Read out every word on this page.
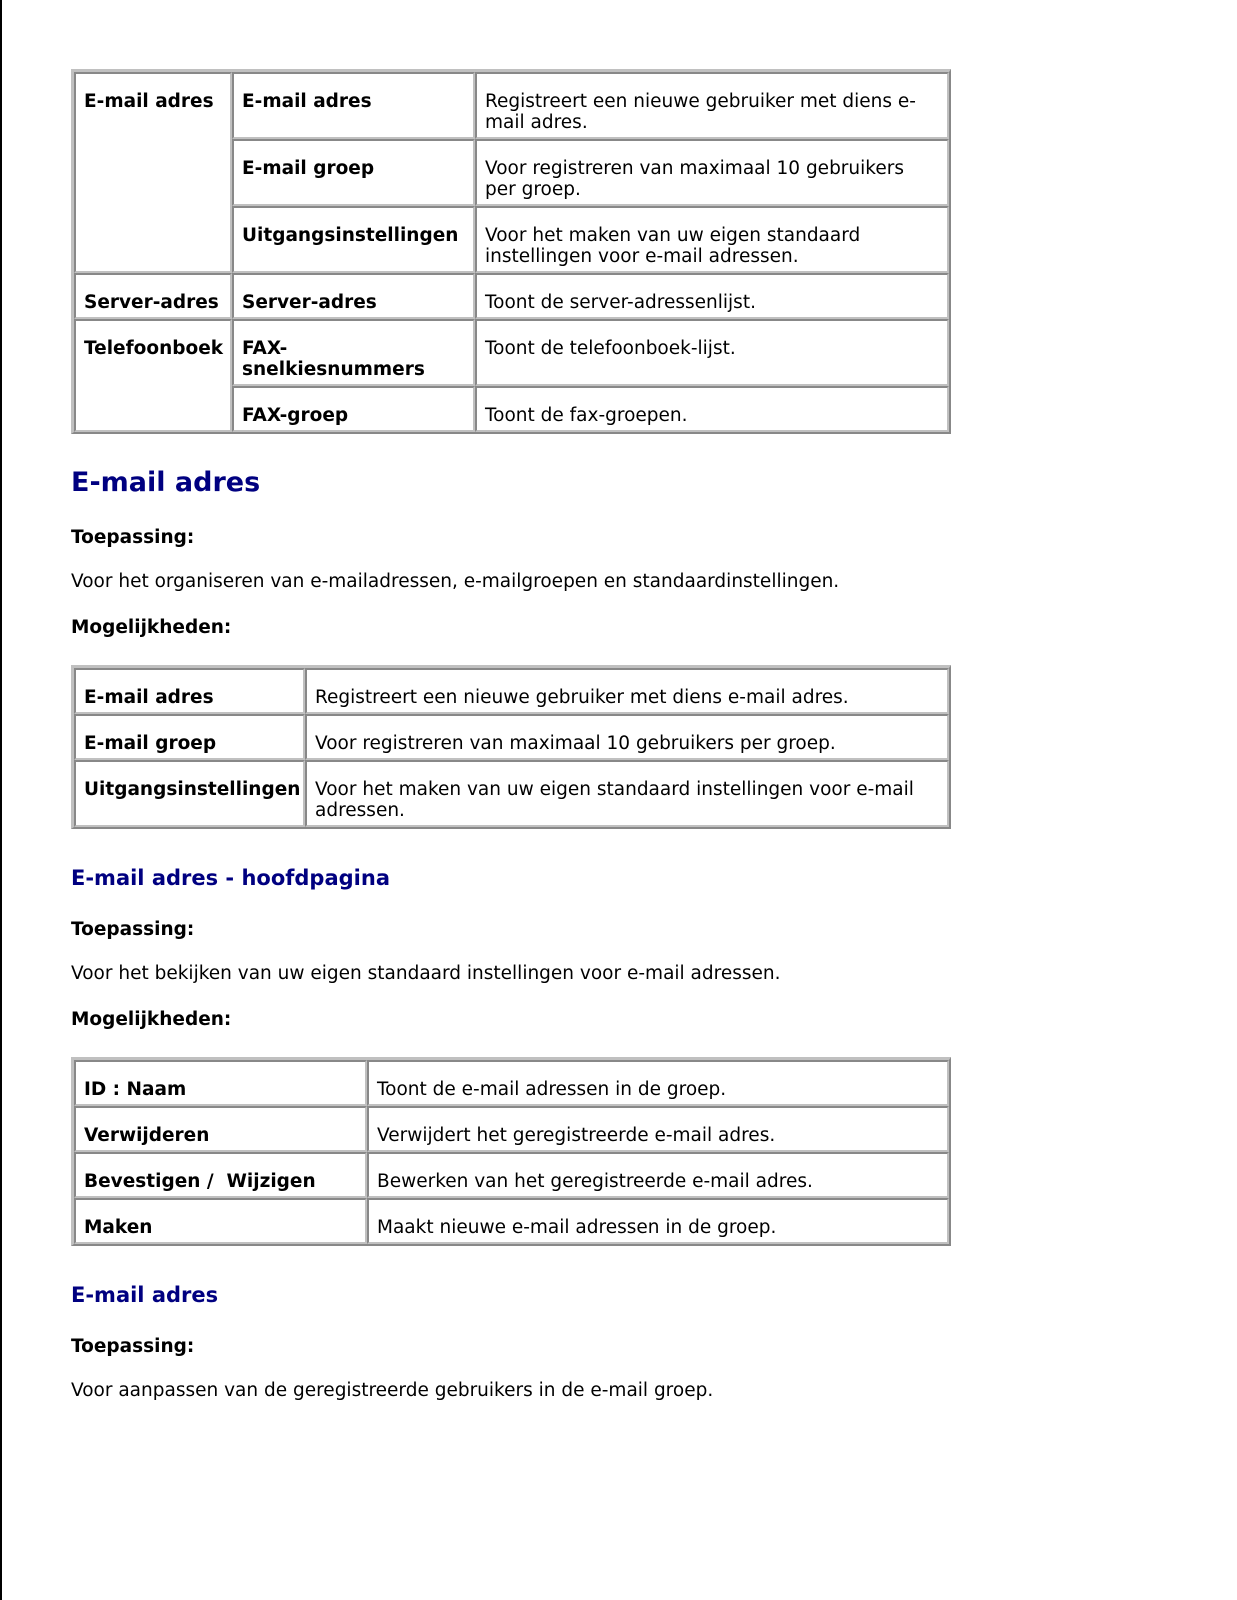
E-mail adres	E-mail adres	Registreert een nieuwe gebruiker met diens e-mail adres.
	E-mail groep	Voor registreren van maximaal 10 gebruikers per groep.
	Uitgangsinstellingen	Voor het maken van uw eigen standaard instellingen voor e-mail adressen.
Server-adres	Server-adres	Toont de server-adressenlijst.
Telefoonboek	FAX-snelkiesnummers	Toont de telefoonboek-lijst.
	FAX-groep	Toont de fax-groepen.
E-mail adres

Toepassing:

Voor het organiseren van e-mailadressen, e-mailgroepen en standaardinstellingen.

Mogelijkheden:

E-mail adres	Registreert een nieuwe gebruiker met diens e-mail adres.
E-mail groep	Voor registreren van maximaal 10 gebruikers per groep.
Uitgangsinstellingen	Voor het maken van uw eigen standaard instellingen voor e-mail adressen.
E-mail adres - hoofdpagina

Toepassing:

Voor het bekijken van uw eigen standaard instellingen voor e-mail adressen.

Mogelijkheden:

ID : Naam	Toont de e-mail adressen in de groep.
Verwijderen	Verwijdert het geregistreerde e-mail adres.
Bevestigen /  Wijzigen	Bewerken van het geregistreerde e-mail adres.
Maken	Maakt nieuwe e-mail adressen in de groep.
E-mail adres

Toepassing:

Voor aanpassen van de geregistreerde gebruikers in de e-mail groep.
